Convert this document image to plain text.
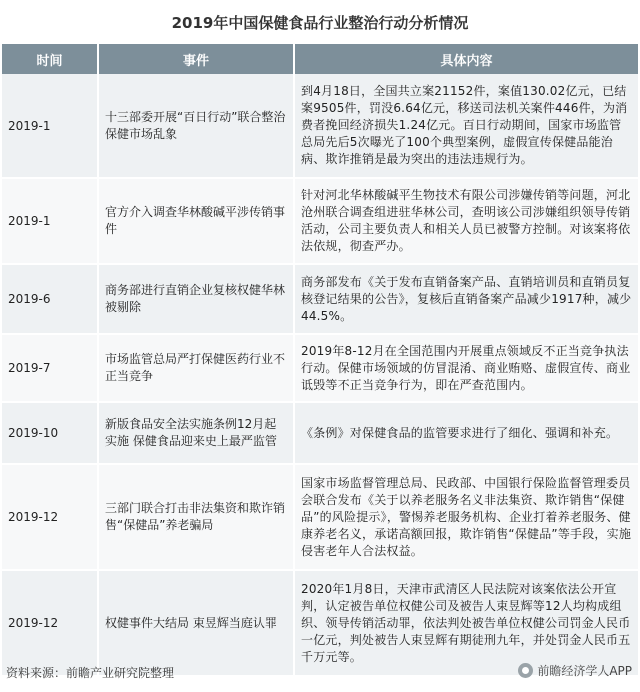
2019年中国保健食品行业整治行动分析情况
时间	事件	具体内容
2019-1	十三部委开展“百日行动”联合整治保健市场乱象	到4月18日，全国共立案21152件，案值130.02亿元，已结案9505件，罚没6.64亿元，移送司法机关案件446件，为消费者挽回经济损失1.24亿元。百日行动期间，国家市场监管总局先后5次曝光了100个典型案例，虚假宣传保健品能治病、欺诈推销是最为突出的违法违规行为。
2019-1	官方介入调查华林酸碱平涉传销事件	针对河北华林酸碱平生物技术有限公司涉嫌传销等问题，河北沧州联合调查组进驻华林公司，查明该公司涉嫌组织领导传销活动，公司主要负责人和相关人员已被警方控制。对该案将依法依规，彻查严办。
2019-6	商务部进行直销企业复核权健华林被剔除	商务部发布《关于发布直销备案产品、直销培训员和直销员复核登记结果的公告》，复核后直销备案产品减少1917种，减少44.5%。
2019-7	市场监管总局严打保健医药行业不正当竞争	2019年8-12月在全国范围内开展重点领域反不正当竞争执法行动。保健市场领域的仿冒混淆、商业贿赂、虚假宣传、商业诋毁等不正当竞争行为，即在严查范围内。
2019-10	新版食品安全法实施条例12月起实施 保健食品迎来史上最严监管	《条例》对保健食品的监管要求进行了细化、强调和补充。
2019-12	三部门联合打击非法集资和欺诈销售“保健品”养老骗局	国家市场监督管理总局、民政部、中国银行保险监督管理委员会联合发布《关于以养老服务名义非法集资、欺诈销售“保健品”的风险提示》，警惕养老服务机构、企业打着养老服务、健康养老名义，承诺高额回报，欺诈销售“保健品”等手段，实施侵害老年人合法权益。
2019-12	权健事件大结局 束昱辉当庭认罪	2020年1月8日，天津市武清区人民法院对该案依法公开宣判，认定被告单位权健公司及被告人束昱辉等12人均构成组织、领导传销活动罪，依法判处被告单位权健公司罚金人民币一亿元，判处被告人束昱辉有期徒刑九年，并处罚金人民币五千万元等。
资料来源：前瞻产业研究院整理	前瞻经济学人APP
